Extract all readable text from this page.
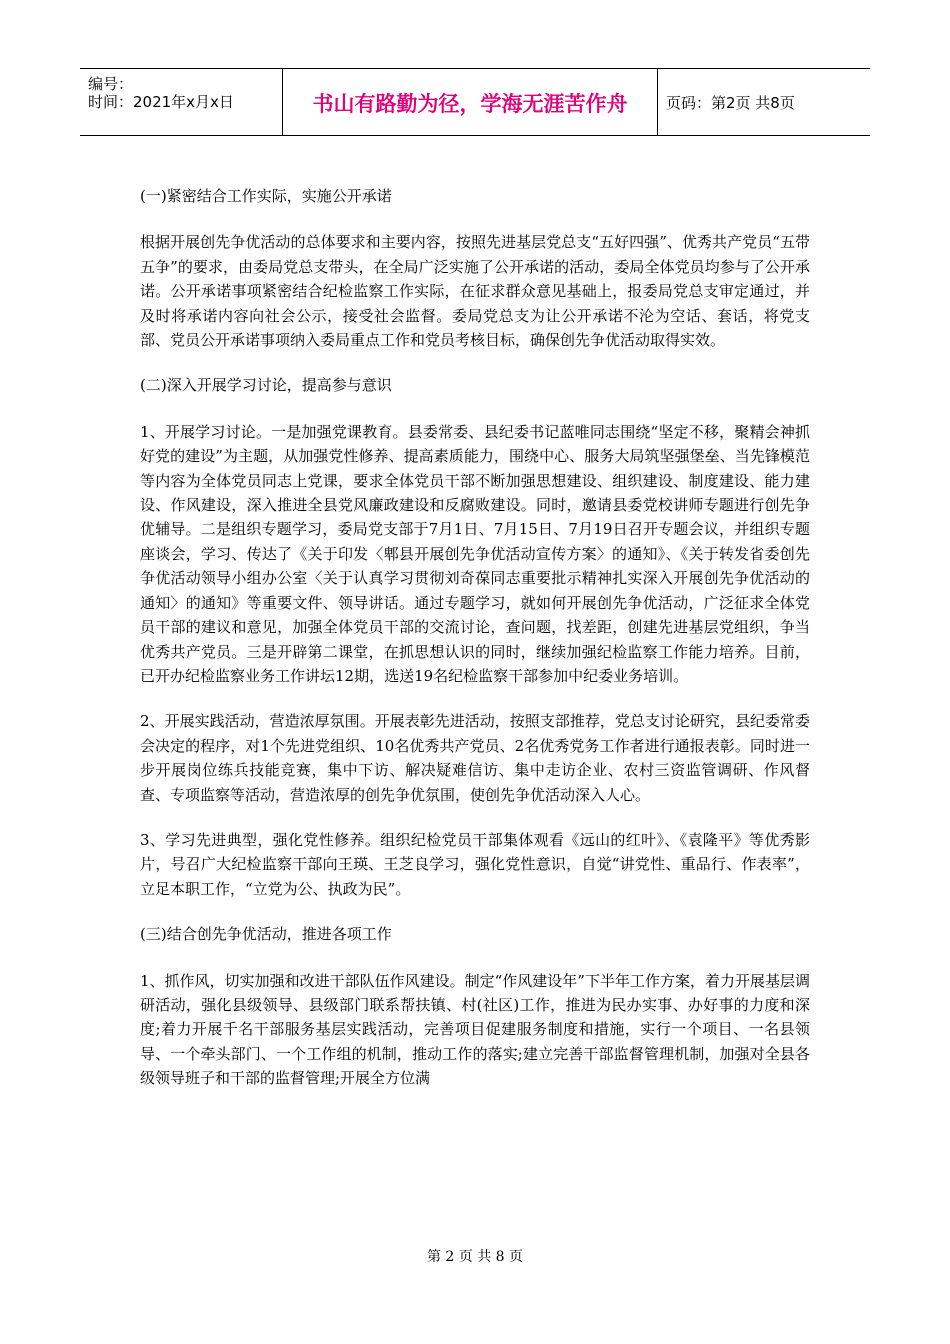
编号：
时间：2021年x月x日	书山有路勤为径，学海无涯苦作舟	页码：第2页 共8页

(一)紧密结合工作实际，实施公开承诺

根据开展创先争优活动的总体要求和主要内容，按照先进基层党总支“五好四强”、优秀共产党员“五带五争”的要求，由委局党总支带头，在全局广泛实施了公开承诺的活动，委局全体党员均参与了公开承诺。公开承诺事项紧密结合纪检监察工作实际，在征求群众意见基础上，报委局党总支审定通过，并及时将承诺内容向社会公示，接受社会监督。委局党总支为让公开承诺不沦为空话、套话，将党支部、党员公开承诺事项纳入委局重点工作和党员考核目标，确保创先争优活动取得实效。

(二)深入开展学习讨论，提高参与意识

1、开展学习讨论。一是加强党课教育。县委常委、县纪委书记蓝唯同志围绕“坚定不移，聚精会神抓好党的建设”为主题，从加强党性修养、提高素质能力，围绕中心、服务大局筑坚强堡垒、当先锋模范等内容为全体党员同志上党课，要求全体党员干部不断加强思想建设、组织建设、制度建设、能力建设、作风建设，深入推进全县党风廉政建设和反腐败建设。同时，邀请县委党校讲师专题进行创先争优辅导。二是组织专题学习，委局党支部于7月1日、7月15日、7月19日召开专题会议，并组织专题座谈会，学习、传达了《关于印发〈郫县开展创先争优活动宣传方案〉的通知》、《关于转发省委创先争优活动领导小组办公室〈关于认真学习贯彻刘奇葆同志重要批示精神扎实深入开展创先争优活动的通知〉的通知》等重要文件、领导讲话。通过专题学习，就如何开展创先争优活动，广泛征求全体党员干部的建议和意见，加强全体党员干部的交流讨论，查问题，找差距，创建先进基层党组织，争当优秀共产党员。三是开辟第二课堂，在抓思想认识的同时，继续加强纪检监察工作能力培养。目前，已开办纪检监察业务工作讲坛12期，选送19名纪检监察干部参加中纪委业务培训。

2、开展实践活动，营造浓厚氛围。开展表彰先进活动，按照支部推荐，党总支讨论研究，县纪委常委会决定的程序，对1个先进党组织、10名优秀共产党员、2名优秀党务工作者进行通报表彰。同时进一步开展岗位练兵技能竞赛，集中下访、解决疑难信访、集中走访企业、农村三资监管调研、作风督查、专项监察等活动，营造浓厚的创先争优氛围，使创先争优活动深入人心。

3、学习先进典型，强化党性修养。组织纪检党员干部集体观看《远山的红叶》、《袁隆平》等优秀影片，号召广大纪检监察干部向王瑛、王芝良学习，强化党性意识，自觉“讲党性、重品行、作表率”，立足本职工作，“立党为公、执政为民”。

(三)结合创先争优活动，推进各项工作

1、抓作风，切实加强和改进干部队伍作风建设。制定“作风建设年”下半年工作方案，着力开展基层调研活动，强化县级领导、县级部门联系帮扶镇、村(社区)工作，推进为民办实事、办好事的力度和深度;着力开展千名干部服务基层实践活动，完善项目促建服务制度和措施，实行一个项目、一名县领导、一个牵头部门、一个工作组的机制，推动工作的落实;建立完善干部监督管理机制，加强对全县各级领导班子和干部的监督管理;开展全方位满

第 2 页 共 8 页
